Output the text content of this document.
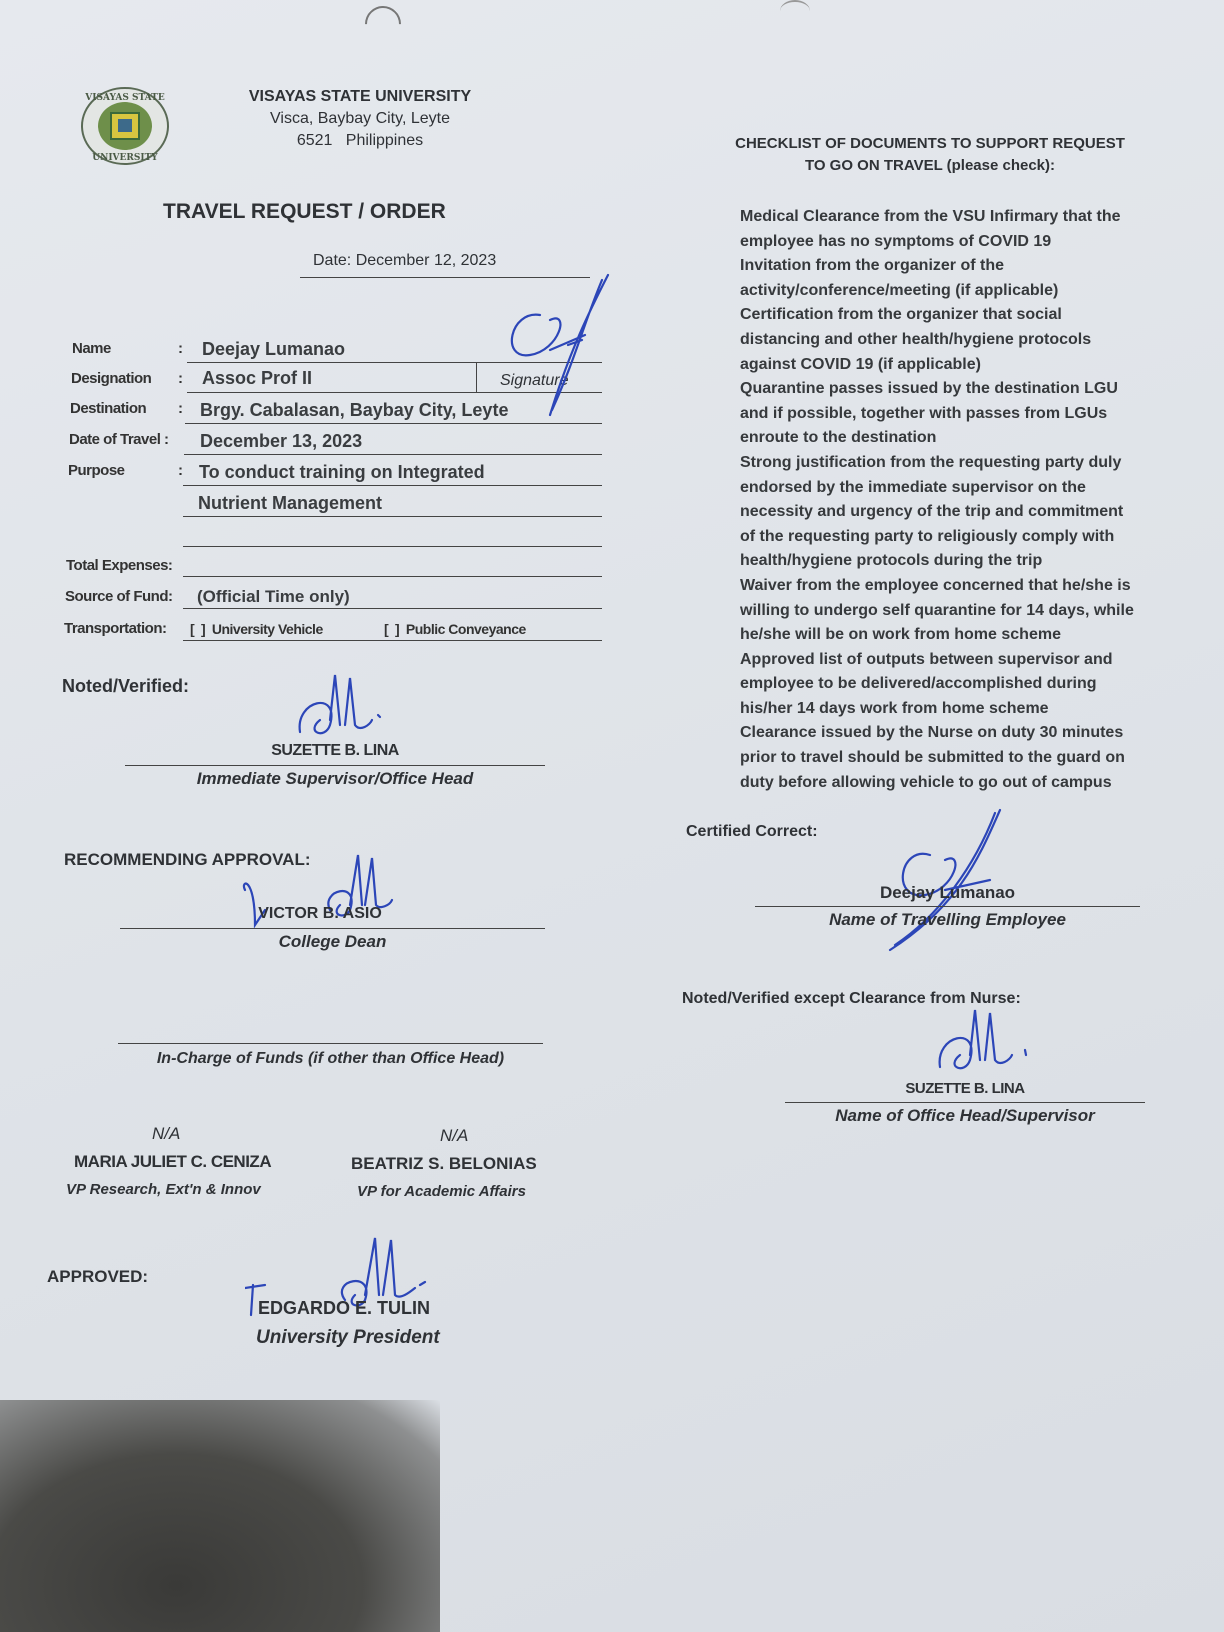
VISAYAS STATE
UNIVERSITY
VISAYAS STATE UNIVERSITY
Visca, Baybay City, Leyte
6521   Philippines
TRAVEL REQUEST / ORDER
Date: December 12, 2023
Name	: Deejay Lumanao
Designation : Assoc Prof II	Signature
Destination : Brgy. Cabalasan, Baybay City, Leyte
Date of Travel : December 13, 2023
Purpose	: To conduct training on Integrated
Nutrient Management
Total Expenses:
Source of Fund: (Official Time only)
Transportation: [  ]  University Vehicle	[  ]  Public Conveyance
Noted/Verified:
SUZETTE B. LINA
Immediate Supervisor/Office Head
RECOMMENDING APPROVAL:
VICTOR B. ASIO
College Dean
In-Charge of Funds (if other than Office Head)
N/A
MARIA JULIET C. CENIZA
VP Research, Ext'n & Innov
N/A
BEATRIZ S. BELONIAS
VP for Academic Affairs
APPROVED:
EDGARDO E. TULIN
University President
CHECKLIST OF DOCUMENTS TO SUPPORT REQUEST
TO GO ON TRAVEL (please check):
Medical Clearance from the VSU Infirmary that the
employee has no symptoms of COVID 19
Invitation from the organizer of the
activity/conference/meeting (if applicable)
Certification from the organizer that social
distancing and other health/hygiene protocols
against COVID 19 (if applicable)
Quarantine passes issued by the destination LGU
and if possible, together with passes from LGUs
enroute to the destination
Strong justification from the requesting party duly
endorsed by the immediate supervisor on the
necessity and urgency of the trip and commitment
of the requesting party to religiously comply with
health/hygiene protocols during the trip
Waiver from the employee concerned that he/she is
willing to undergo self quarantine for 14 days, while
he/she will be on work from home scheme
Approved list of outputs between supervisor and
employee to be delivered/accomplished during
his/her 14 days work from home scheme
Clearance issued by the Nurse on duty 30 minutes
prior to travel should be submitted to the guard on
duty before allowing vehicle to go out of campus
Certified Correct:
Deejay Lumanao
Name of Travelling Employee
Noted/Verified except Clearance from Nurse:
SUZETTE B. LINA
Name of Office Head/Supervisor
